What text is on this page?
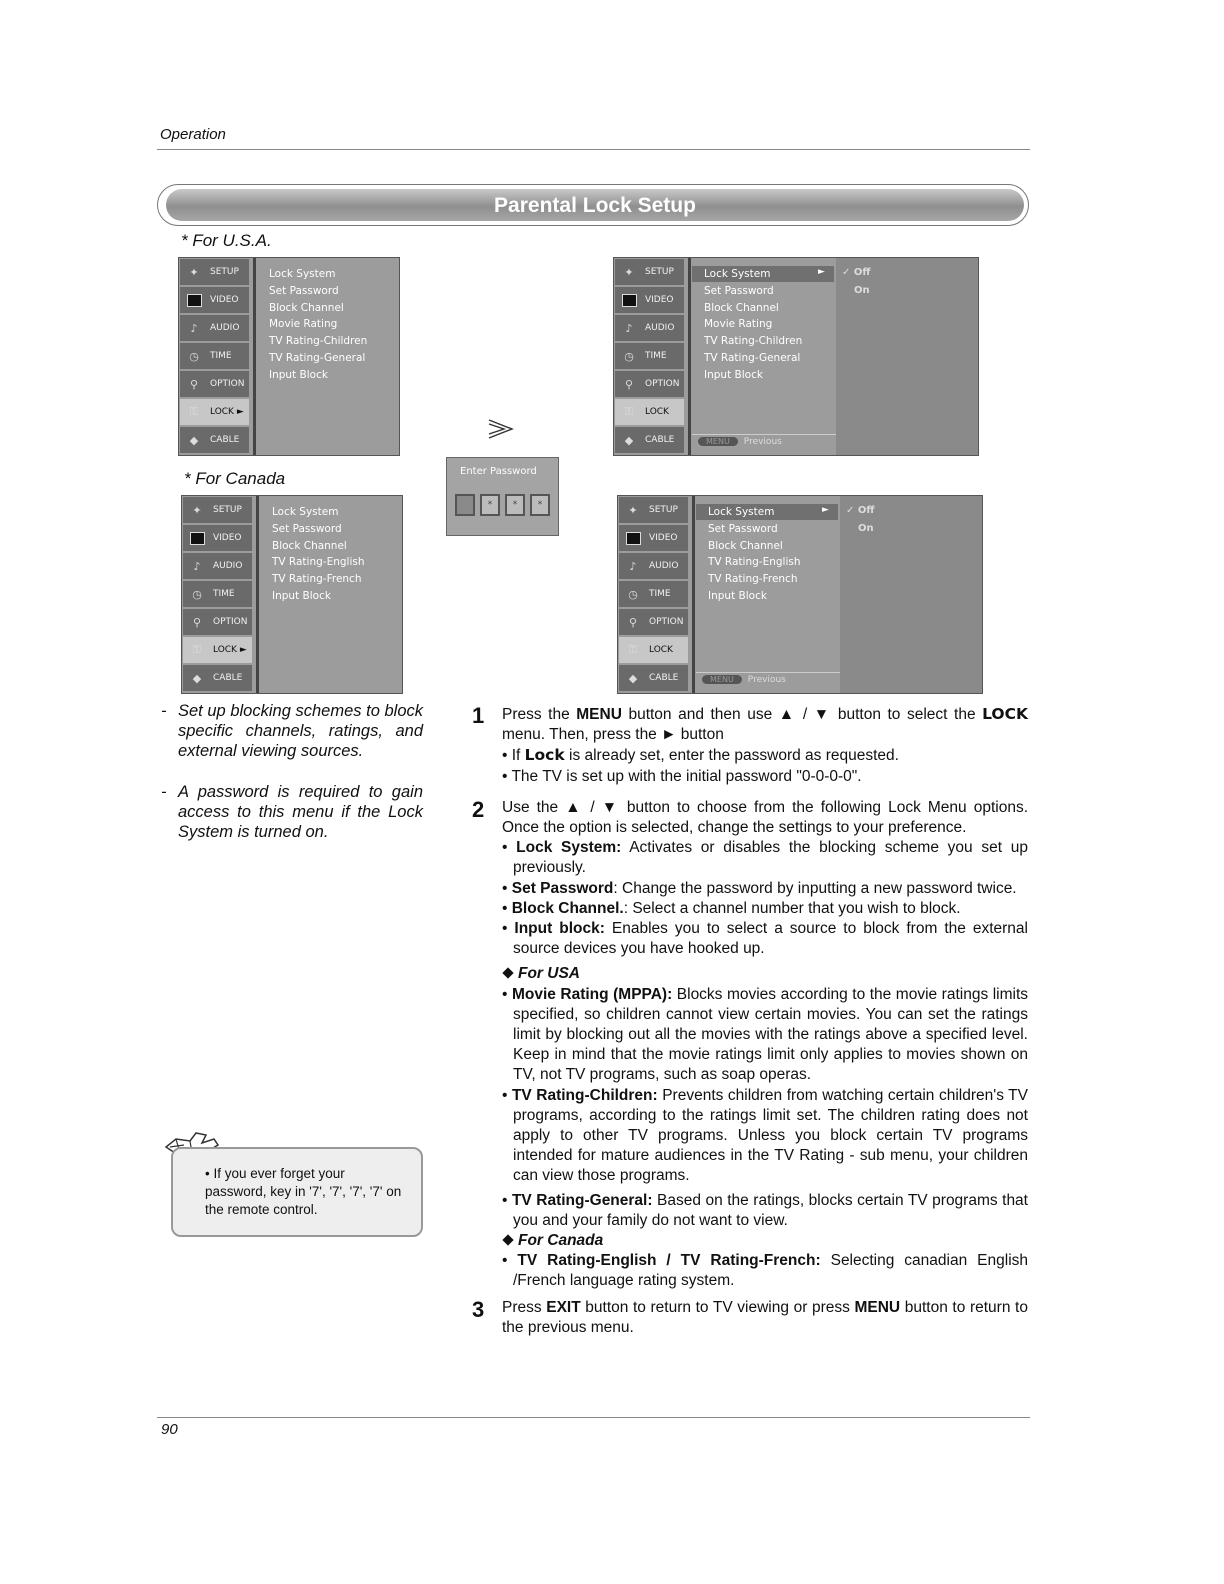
Operation
Parental Lock Setup
* For U.S.A.
* For Canada
✦	SETUP
VIDEO
♪	AUDIO
◷	TIME
⚲	OPTION
⚿	LOCK ►
◆	CABLE
Lock System
Set Password
Block Channel
Movie Rating
TV Rating-Children
TV Rating-General
Input Block
✦	SETUP
VIDEO
♪	AUDIO
◷	TIME
⚲	OPTION
⚿	LOCK
◆	CABLE
►
Lock System
Set Password
Block Channel
Movie Rating
TV Rating-Children
TV Rating-General
Input Block
✓ Off
On
MENU Previous
✦	SETUP
VIDEO
♪	AUDIO
◷	TIME
⚲	OPTION
⚿	LOCK ►
◆	CABLE
Lock System
Set Password
Block Channel
TV Rating-English
TV Rating-French
Input Block
✦	SETUP
VIDEO
♪	AUDIO
◷	TIME
⚲	OPTION
⚿	LOCK
◆	CABLE
►
Lock System
Set Password
Block Channel
TV Rating-English
TV Rating-French
Input Block
✓ Off
On
MENU Previous
Enter Password
*	*	*
- Set up blocking schemes to block specific channels, ratings, and external viewing sources.
- A password is required to gain access to this menu if the Lock System is turned on.
• If you ever forget your password, key in '7', '7', '7', '7' on the remote control.
1 Press the MENU button and then use ▲ / ▼ button to select the LOCK menu. Then, press the ► button
• If Lock is already set, enter the password as requested.
• The TV is set up with the initial password "0-0-0-0".
2 Use the ▲ / ▼ button to choose from the following Lock Menu options. Once the option is selected, change the settings to your preference.
• Lock System: Activates or disables the blocking scheme you set up previously.
• Set Password: Change the password by inputting a new password twice.
• Block Channel.: Select a channel number that you wish to block.
• Input block: Enables you to select a source to block from the external source devices you have hooked up.
For USA
• Movie Rating (MPPA): Blocks movies according to the movie ratings limits specified, so children cannot view certain movies. You can set the ratings limit by blocking out all the movies with the ratings above a specified level. Keep in mind that the movie ratings limit only applies to movies shown on TV, not TV programs, such as soap operas.
• TV Rating-Children: Prevents children from watching certain children's TV programs, according to the ratings limit set. The children rating does not apply to other TV programs. Unless you block certain TV programs intended for mature audiences in the TV Rating - sub menu, your children can view those programs.
• TV Rating-General: Based on the ratings, blocks certain TV programs that you and your family do not want to view.
For Canada
• TV Rating-English / TV Rating-French: Selecting canadian English /French language rating system.
3 Press EXIT button to return to TV viewing or press MENU button to return to the previous menu.
90
